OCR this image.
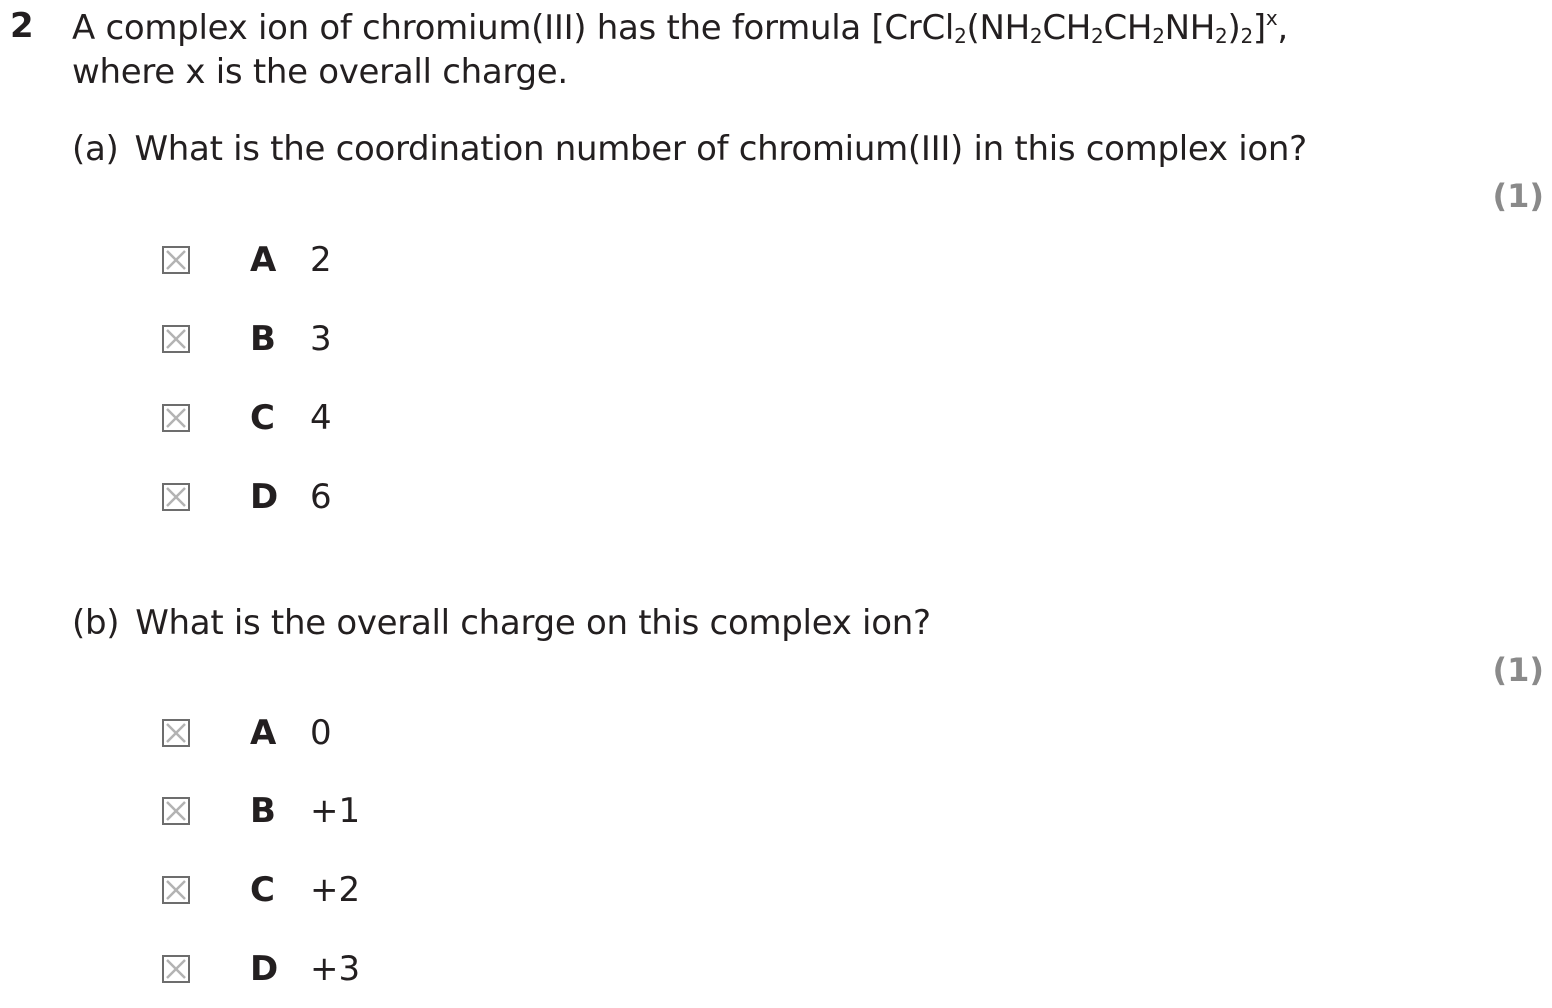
2 A complex ion of chromium(III) has the formula $[CrCl_2(NH_2CH_2CH_2NH_2)_2]^x$,
where x is the overall charge.
(a) What is the coordination number of chromium(III) in this complex ion?
(1)
A 2
B	3
C	4
D 6
(b) What is the overall charge on this complex ion?
(1)
A 0
B	+1
C	+2
D +3
